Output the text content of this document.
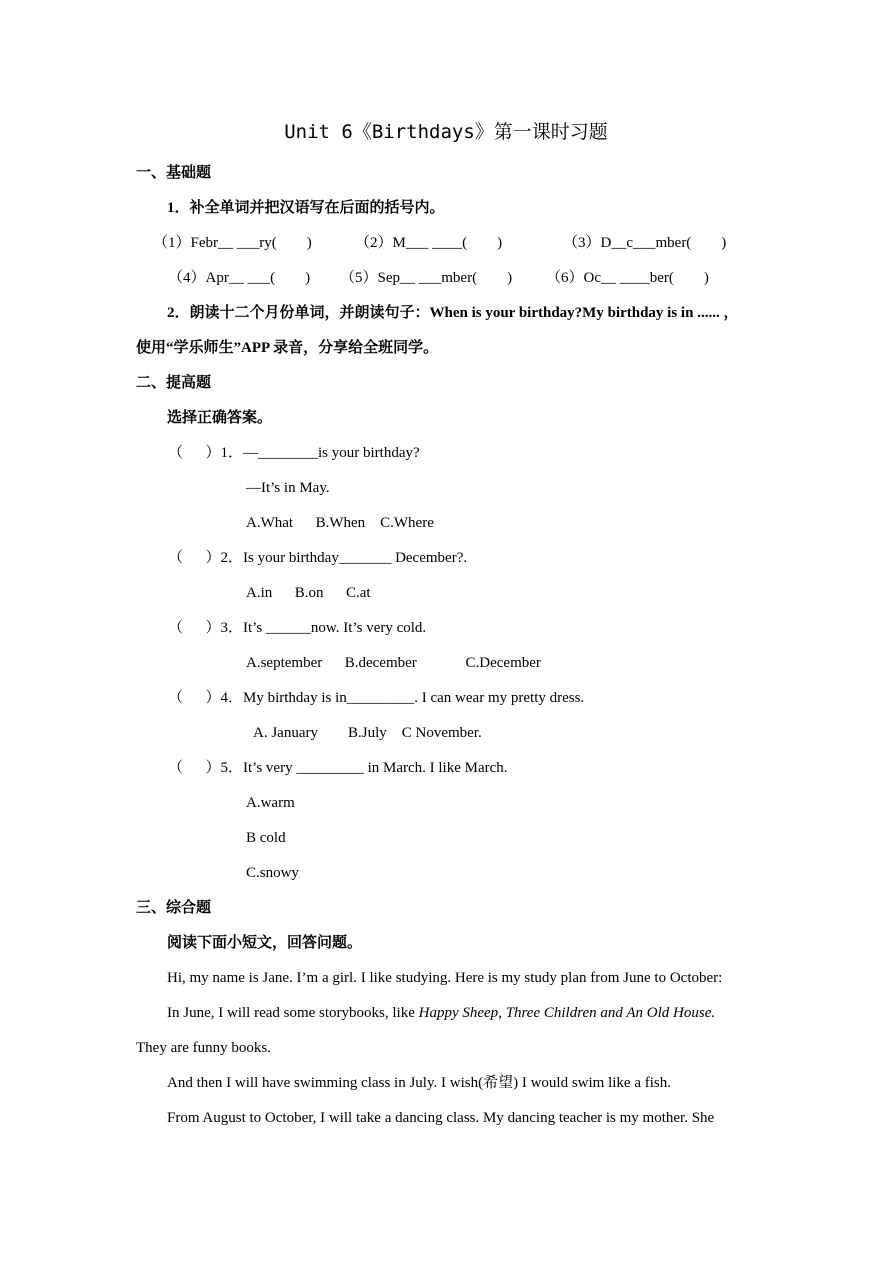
Unit 6《Birthdays》第一课时习题
一、基础题
1．补全单词并把汉语写在后面的括号内。
（1）Febr__ ___ry(        )	（2）M___ ____(        )	（3）D__c___mber(        )
（4）Apr__ ___(        ) （5）Sep__ ___mber(        ) （6）Oc__ ____ber(        )
2．朗读十二个月份单词，并朗读句子：When is your birthday?My birthday is in ...... ，
使用“学乐师生”APP 录音，分享给全班同学。
二、提高题
选择正确答案。
（      ）1．—________is your birthday?
—It’s in May.
A.What      B.When    C.Where
（      ）2．Is your birthday_______ December?.
A.in      B.on      C.at
（      ）3．It’s ______now. It’s very cold.
A.september      B.december             C.December
（      ）4．My birthday is in_________. I can wear my pretty dress.
A. January        B.July    C November.
（      ）5．It’s very _________ in March. I like March.
A.warm
B cold
C.snowy
三、综合题
阅读下面小短文，回答问题。
Hi, my name is Jane. I’m a girl. I like studying. Here is my study plan from June to October:
In June, I will read some storybooks, like Happy Sheep, Three Children and An Old House.
They are funny books.
And then I will have swimming class in July. I wish(希望) I would swim like a fish.
From August to October, I will take a dancing class. My dancing teacher is my mother. She
